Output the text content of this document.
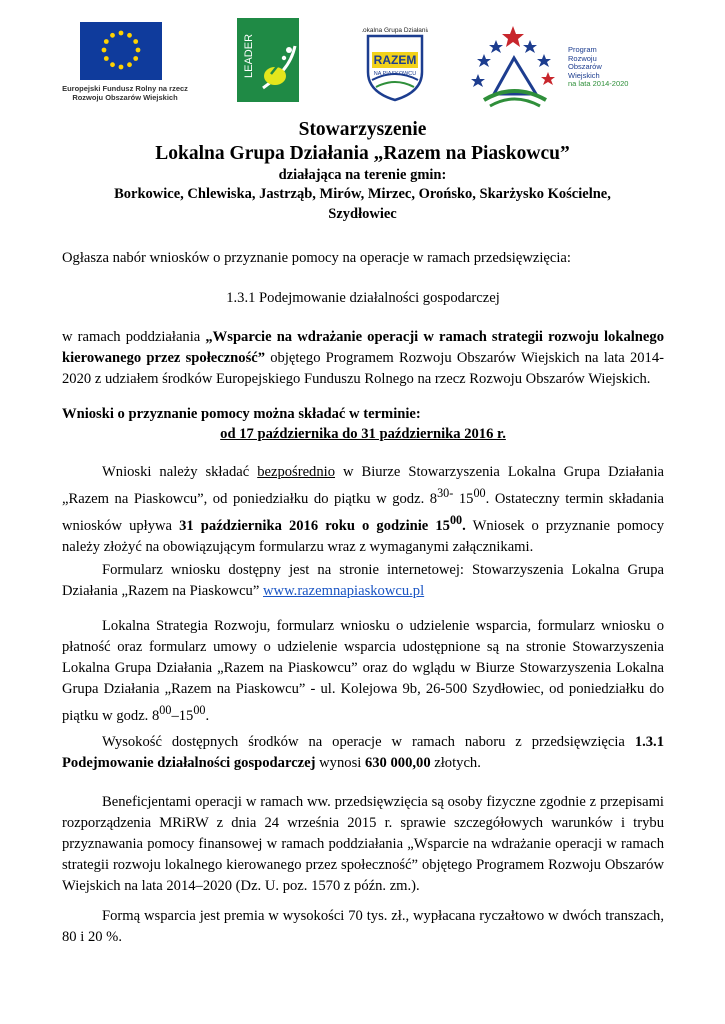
Europejski Fundusz Rolny na rzecz
Rozwoju Obszarów Wiejskich
LEADER
Lokalna Grupa Działania
RAZEM
NA PIASKOWCU
Program
Rozwoju
Obszarów
Wiejskich
na lata 2014-2020
Stowarzyszenie
Lokalna Grupa Działania „Razem na Piaskowcu”
działająca na terenie gmin:
Borkowice, Chlewiska, Jastrząb, Mirów, Mirzec, Orońsko, Skarżysko Kościelne,
Szydłowiec
Ogłasza nabór wniosków o przyznanie pomocy na operacje w ramach przedsięwzięcia:
1.3.1 Podejmowanie działalności gospodarczej
w ramach poddziałania „Wsparcie na wdrażanie operacji w ramach strategii rozwoju lokalnego kierowanego przez społeczność” objętego Programem Rozwoju Obszarów Wiejskich na lata 2014-2020 z udziałem środków Europejskiego Funduszu Rolnego na rzecz Rozwoju Obszarów Wiejskich.
Wnioski o przyznanie pomocy można składać w terminie:
od 17 października do 31 października 2016 r.
Wnioski należy składać bezpośrednio w Biurze Stowarzyszenia Lokalna Grupa Działania „Razem na Piaskowcu”, od poniedziałku do piątku w godz. $8^{30-}$ $15^{00}$. Ostateczny termin składania wniosków upływa 31 października 2016 roku o godzinie $15^{00}$. Wniosek o przyznanie pomocy należy złożyć na obowiązującym formularzu wraz z wymaganymi załącznikami.
Formularz wniosku dostępny jest na stronie internetowej: Stowarzyszenia Lokalna Grupa Działania „Razem na Piaskowcu” www.razemnapiaskowcu.pl
Lokalna Strategia Rozwoju, formularz wniosku o udzielenie wsparcia, formularz wniosku o płatność oraz formularz umowy o udzielenie wsparcia udostępnione są na stronie Stowarzyszenia Lokalna Grupa Działania „Razem na Piaskowcu” oraz do wglądu w Biurze Stowarzyszenia Lokalna Grupa Działania „Razem na Piaskowcu” - ul. Kolejowa 9b, 26-500 Szydłowiec, od poniedziałku do piątku w godz. $8^{00}-15^{00}$.
Wysokość dostępnych środków na operacje w ramach naboru z przedsięwzięcia 1.3.1 Podejmowanie działalności gospodarczej wynosi 630 000,00 złotych.
Beneficjentami operacji w ramach ww. przedsięwzięcia są osoby fizyczne zgodnie z przepisami rozporządzenia MRiRW z dnia 24 września 2015 r. sprawie szczegółowych warunków i trybu przyznawania pomocy finansowej w ramach poddziałania „Wsparcie na wdrażanie operacji w ramach strategii rozwoju lokalnego kierowanego przez społeczność” objętego Programem Rozwoju Obszarów Wiejskich na lata 2014–2020 (Dz. U. poz. 1570 z późn. zm.).
Formą wsparcia jest premia w wysokości 70 tys. zł., wypłacana ryczałtowo w dwóch transzach, 80 i 20 %.
